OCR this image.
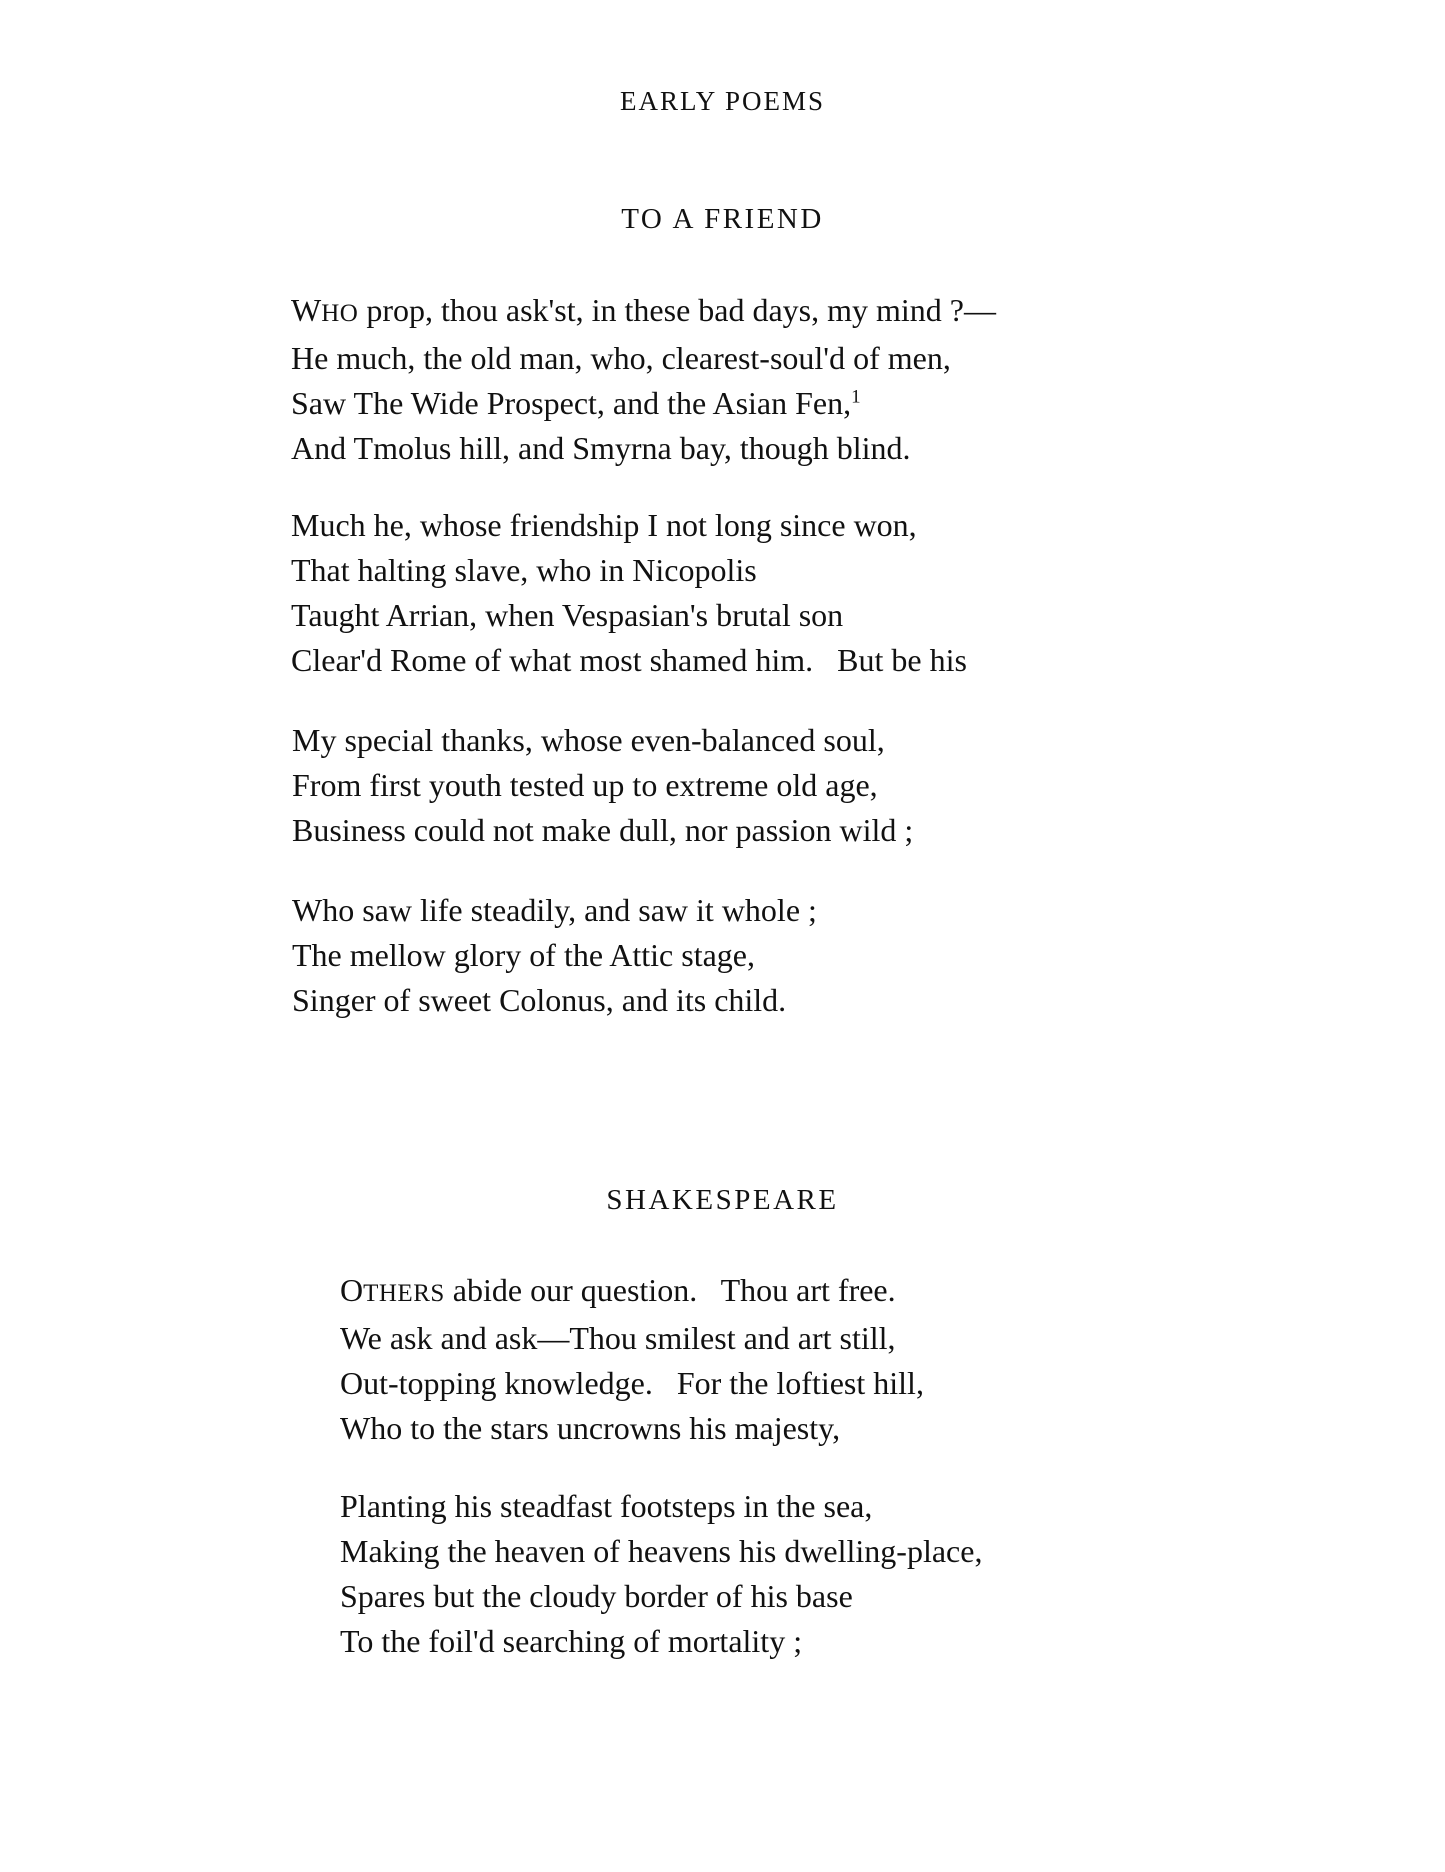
EARLY POEMS
TO A FRIEND
WHO prop, thou ask'st, in these bad days, my mind ?—
He much, the old man, who, clearest-soul'd of men,
Saw The Wide Prospect, and the Asian Fen,$^1$
And Tmolus hill, and Smyrna bay, though blind.
Much he, whose friendship I not long since won,
That halting slave, who in Nicopolis
Taught Arrian, when Vespasian's brutal son
Clear'd Rome of what most shamed him.   But be his
My special thanks, whose even-balanced soul,
From first youth tested up to extreme old age,
Business could not make dull, nor passion wild ;
Who saw life steadily, and saw it whole ;
The mellow glory of the Attic stage,
Singer of sweet Colonus, and its child.
SHAKESPEARE
OTHERS abide our question.   Thou art free.
We ask and ask—Thou smilest and art still,
Out-topping knowledge.   For the loftiest hill,
Who to the stars uncrowns his majesty,
Planting his steadfast footsteps in the sea,
Making the heaven of heavens his dwelling-place,
Spares but the cloudy border of his base
To the foil'd searching of mortality ;
